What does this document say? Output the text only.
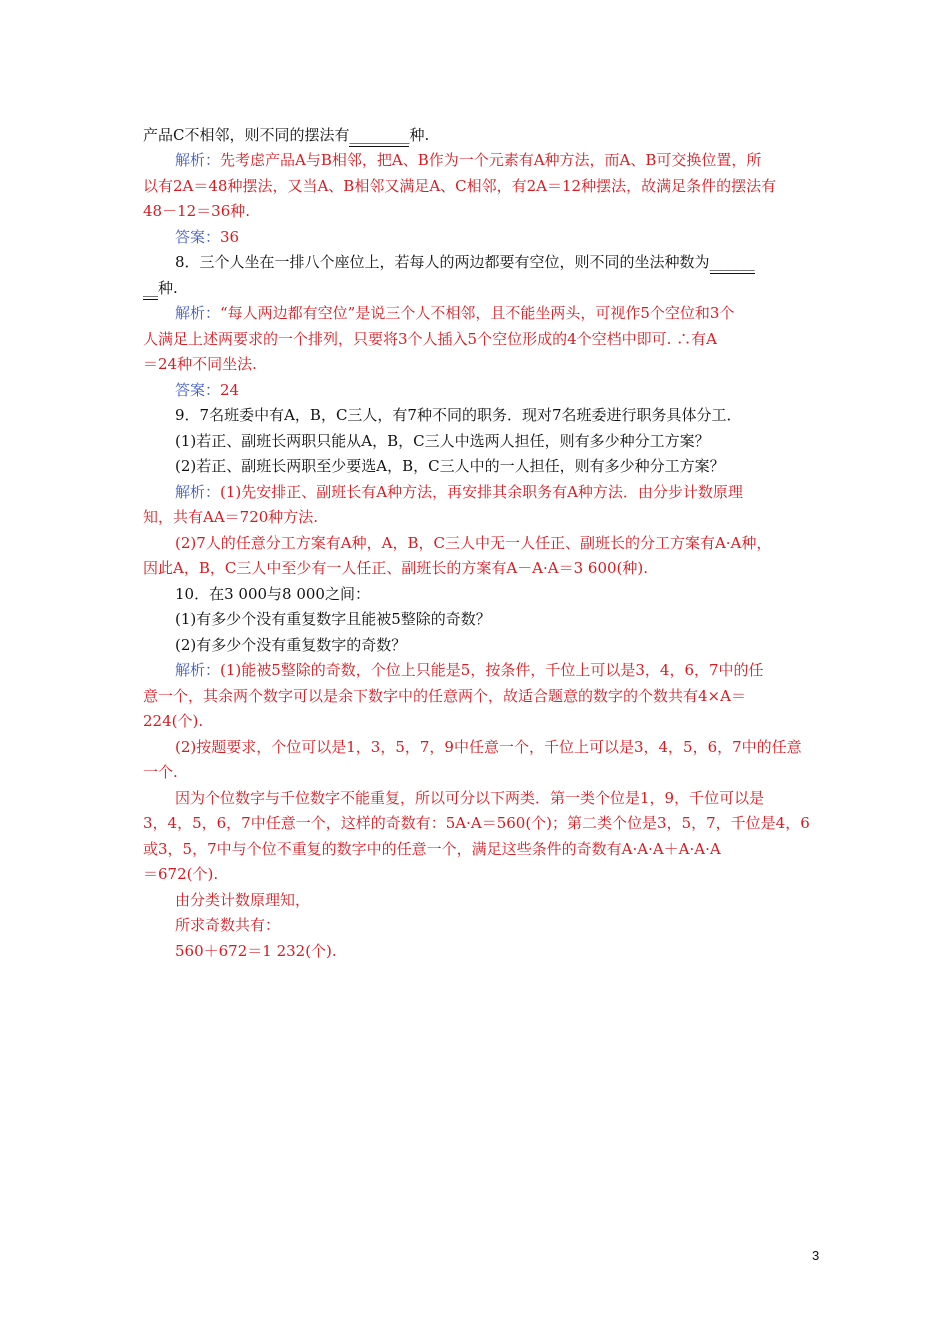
产品C不相邻，则不同的摆法有________种.
解析：先考虑产品A与B相邻，把A、B作为一个元素有A种方法，而A、B可交换位置，所
以有2A＝48种摆法，又当A、B相邻又满足A、C相邻，有2A＝12种摆法，故满足条件的摆法有
48－12＝36种.
答案：36
8．三个人坐在一排八个座位上，若每人的两边都要有空位，则不同的坐法种数为______
__种.
解析：“每人两边都有空位”是说三个人不相邻，且不能坐两头，可视作5个空位和3个
人满足上述两要求的一个排列，只要将3个人插入5个空位形成的4个空档中即可. ∴有A
＝24种不同坐法.
答案：24
9．7名班委中有A，B，C三人，有7种不同的职务．现对7名班委进行职务具体分工．
(1)若正、副班长两职只能从A，B，C三人中选两人担任，则有多少种分工方案？
(2)若正、副班长两职至少要选A，B，C三人中的一人担任，则有多少种分工方案？
解析：(1)先安排正、副班长有A种方法，再安排其余职务有A种方法．由分步计数原理
知，共有AA＝720种方法.
(2)7人的任意分工方案有A种，A，B，C三人中无一人任正、副班长的分工方案有A·A种，
因此A，B，C三人中至少有一人任正、副班长的方案有A－A·A＝3 600(种).
10．在3 000与8 000之间：
(1)有多少个没有重复数字且能被5整除的奇数？
(2)有多少个没有重复数字的奇数？
解析：(1)能被5整除的奇数，个位上只能是5，按条件，千位上可以是3，4，6，7中的任
意一个，其余两个数字可以是余下数字中的任意两个，故适合题意的数字的个数共有4×A＝
224(个).
(2)按题要求，个位可以是1，3，5，7，9中任意一个，千位上可以是3，4，5，6，7中的任意
一个.
因为个位数字与千位数字不能重复，所以可分以下两类．第一类个位是1，9，千位可以是
3，4，5，6，7中任意一个，这样的奇数有：5A·A＝560(个)；第二类个位是3，5，7，千位是4，6
或3，5，7中与个位不重复的数字中的任意一个，满足这些条件的奇数有A·A·A＋A·A·A
＝672(个).
由分类计数原理知，
所求奇数共有：
560＋672＝1 232(个).
3
